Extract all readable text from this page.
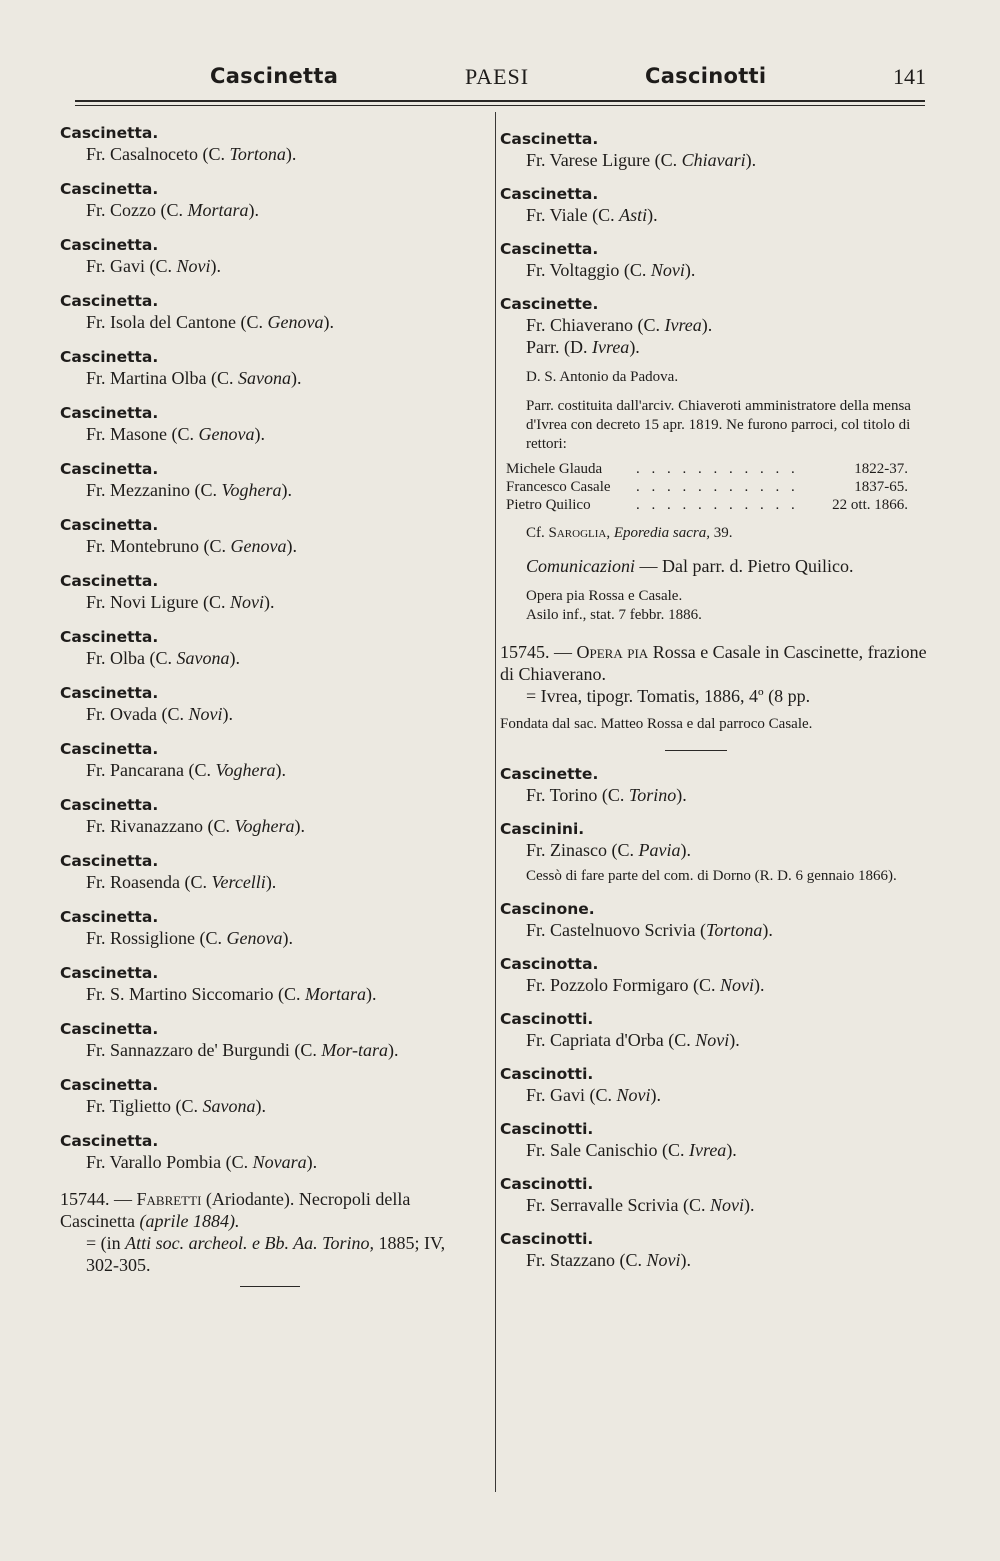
Cascinetta	PAESI	Cascinotti	141
Cascinetta.
Fr. Casalnoceto (C. Tortona).
Cascinetta.
Fr. Cozzo (C. Mortara).
Cascinetta.
Fr. Gavi (C. Novi).
Cascinetta.
Fr. Isola del Cantone (C. Genova).
Cascinetta.
Fr. Martina Olba (C. Savona).
Cascinetta.
Fr. Masone (C. Genova).
Cascinetta.
Fr. Mezzanino (C. Voghera).
Cascinetta.
Fr. Montebruno (C. Genova).
Cascinetta.
Fr. Novi Ligure (C. Novi).
Cascinetta.
Fr. Olba (C. Savona).
Cascinetta.
Fr. Ovada (C. Novi).
Cascinetta.
Fr. Pancarana (C. Voghera).
Cascinetta.
Fr. Rivanazzano (C. Voghera).
Cascinetta.
Fr. Roasenda (C. Vercelli).
Cascinetta.
Fr. Rossiglione (C. Genova).
Cascinetta.
Fr. S. Martino Siccomario (C. Mortara).
Cascinetta.
Fr. Sannazzaro de' Burgundi (C. Mor-tara).
Cascinetta.
Fr. Tiglietto (C. Savona).
Cascinetta.
Fr. Varallo Pombia (C. Novara).
15744. — Fabretti (Ariodante). Necropoli della Cascinetta (aprile 1884).
= (in Atti soc. archeol. e Bb. Aa. Torino, 1885; IV, 302-305.
Cascinetta.
Fr. Varese Ligure (C. Chiavari).
Cascinetta.
Fr. Viale (C. Asti).
Cascinetta.
Fr. Voltaggio (C. Novi).
Cascinette.
Fr. Chiaverano (C. Ivrea).
Parr. (D. Ivrea).
D. S. Antonio da Padova.
Parr. costituita dall'arciv. Chiaveroti amministratore della mensa d'Ivrea con decreto 15 apr. 1819. Ne furono parroci, col titolo di rettori:
Michele Glauda	. . . . . . . . . . .	1822-37.
Francesco Casale	. . . . . . . . . . .	1837-65.
Pietro Quilico	. . . . . . . . . . .	22 ott. 1866.
Cf. Saroglia, Eporedia sacra, 39.
Comunicazioni — Dal parr. d. Pietro Quilico.
Opera pia Rossa e Casale.
Asilo inf., stat. 7 febbr. 1886.
15745. — Opera pia Rossa e Casale in Cascinette, frazione di Chiaverano.
= Ivrea, tipogr. Tomatis, 1886, 4º (8 pp.
Fondata dal sac. Matteo Rossa e dal parroco Casale.
Cascinette.
Fr. Torino (C. Torino).
Cascinini.
Fr. Zinasco (C. Pavia).
Cessò di fare parte del com. di Dorno (R. D. 6 gennaio 1866).
Cascinone.
Fr. Castelnuovo Scrivia (Tortona).
Cascinotta.
Fr. Pozzolo Formigaro (C. Novi).
Cascinotti.
Fr. Capriata d'Orba (C. Novi).
Cascinotti.
Fr. Gavi (C. Novi).
Cascinotti.
Fr. Sale Canischio (C. Ivrea).
Cascinotti.
Fr. Serravalle Scrivia (C. Novi).
Cascinotti.
Fr. Stazzano (C. Novi).
